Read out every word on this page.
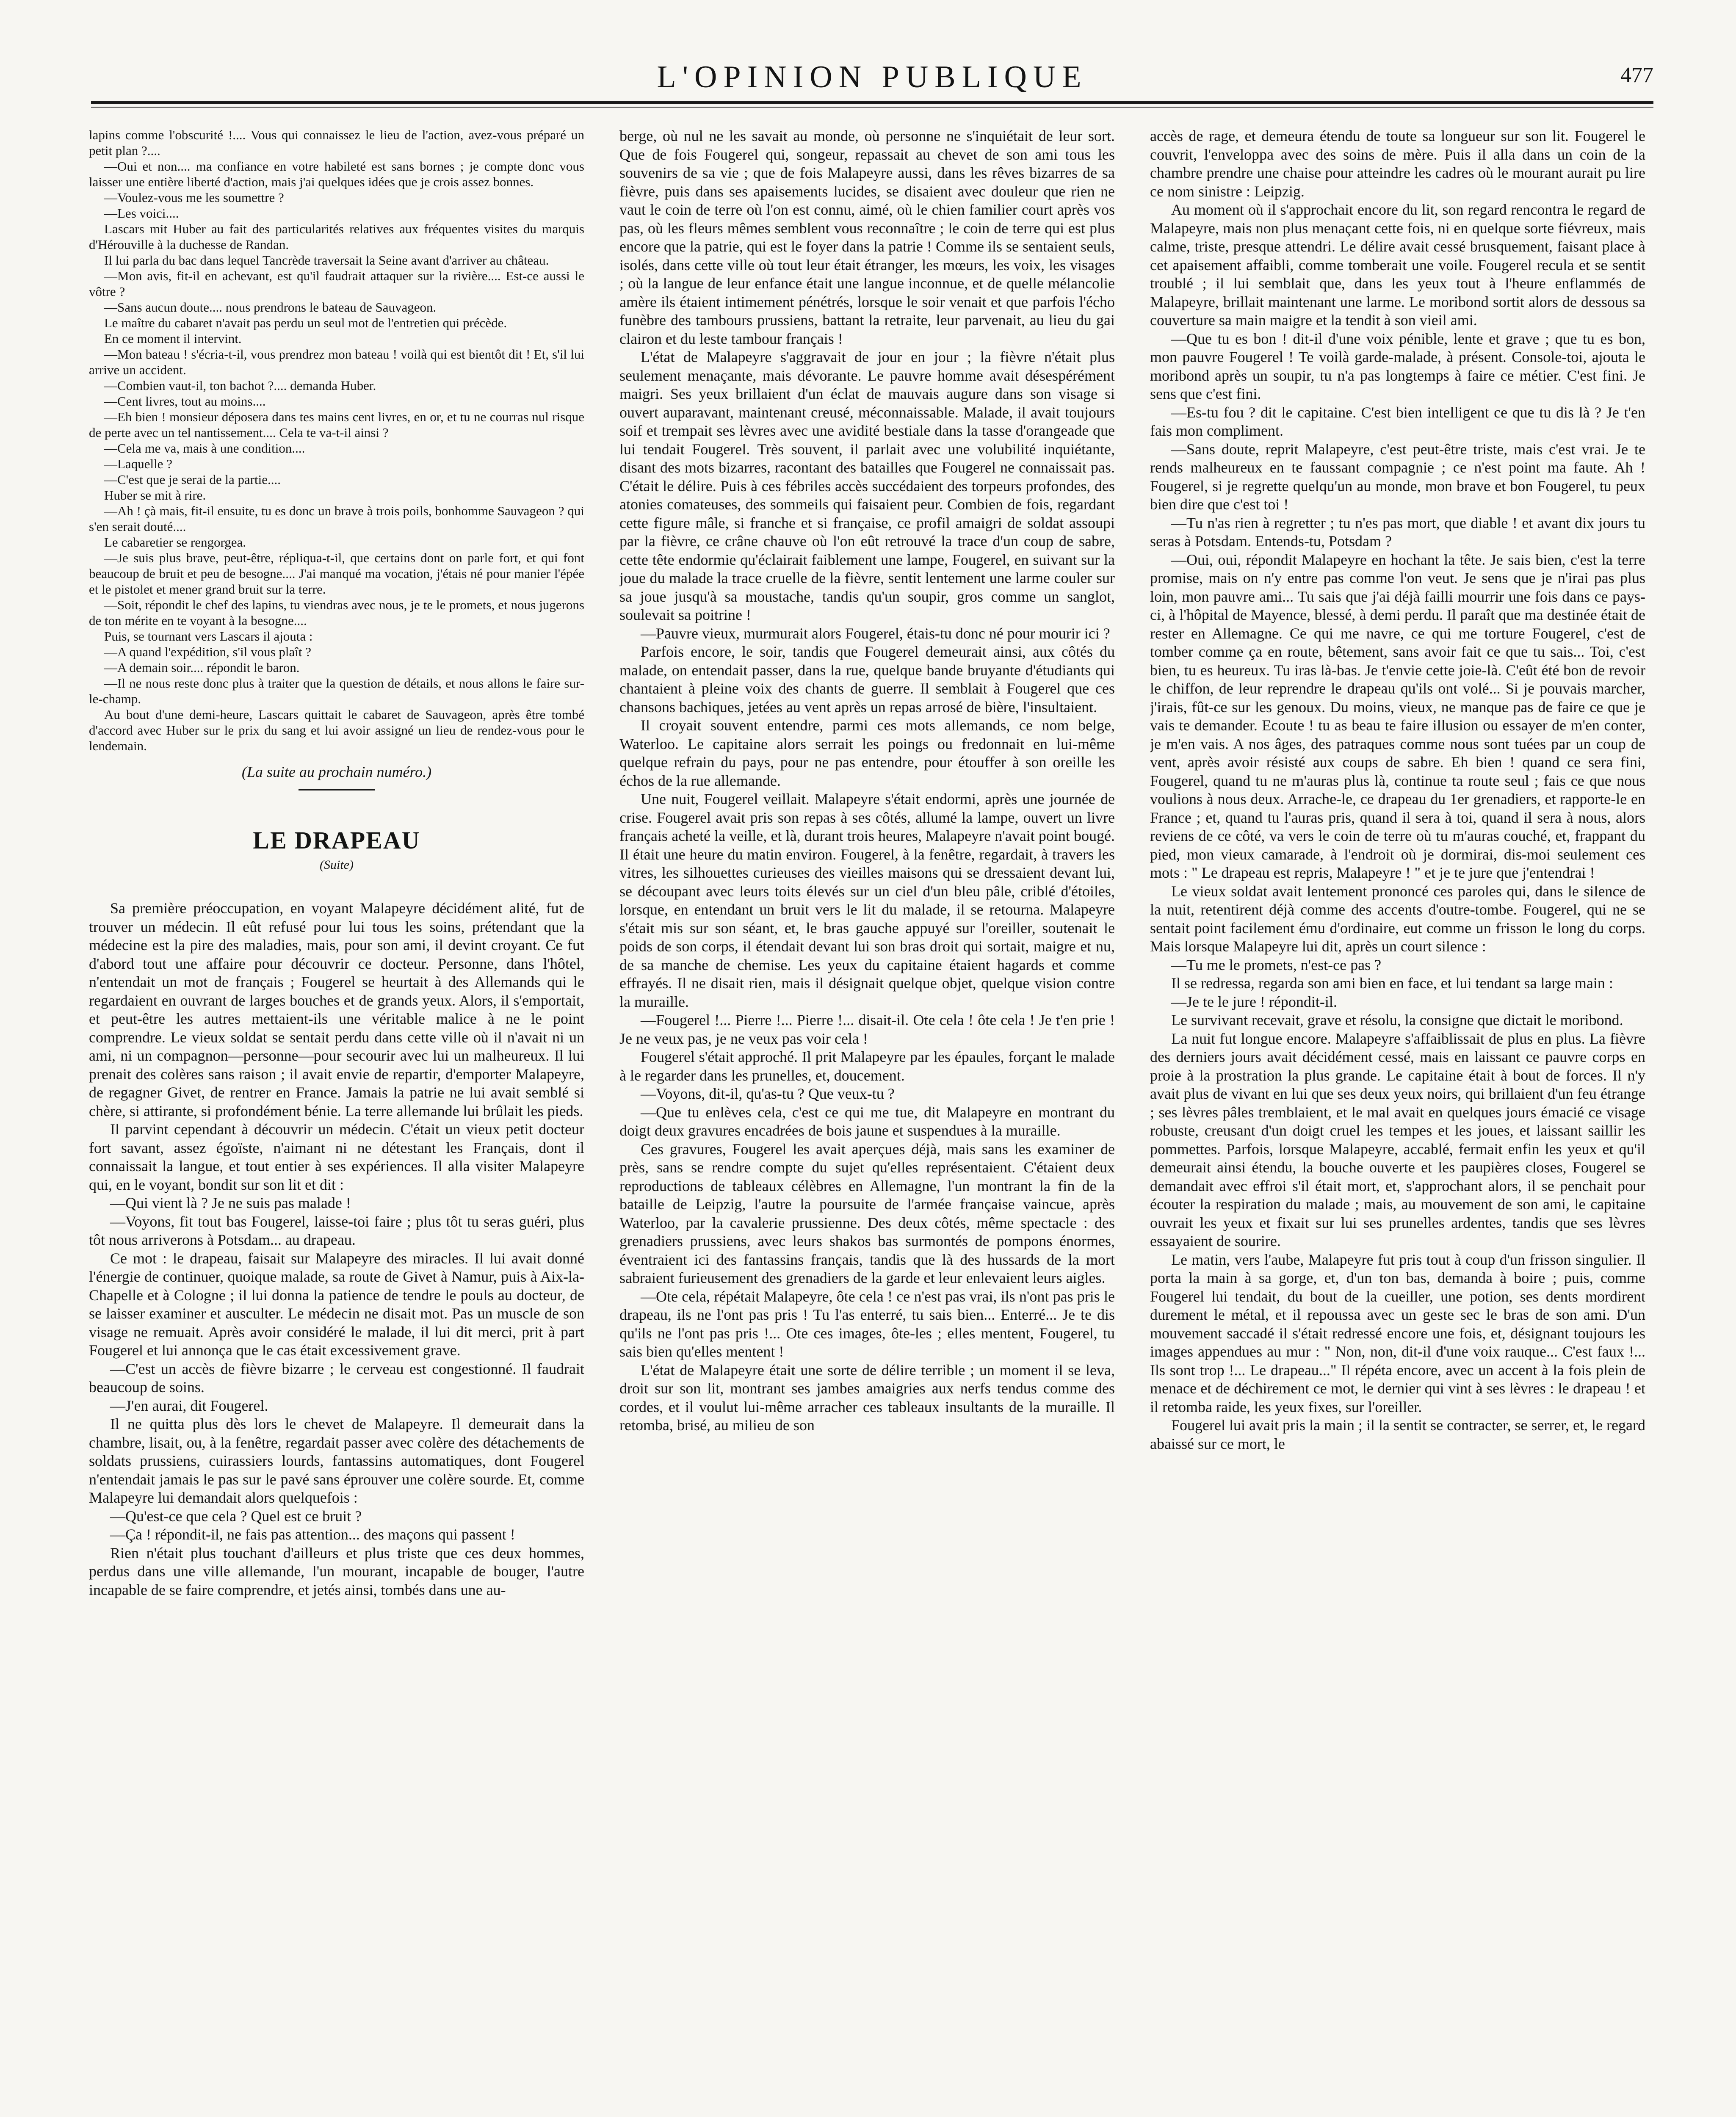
L'OPINION PUBLIQUE	477

lapins comme l'obscurité !.... Vous qui connaissez le lieu de l'action, avez-vous préparé un petit plan ?....

—Oui et non.... ma confiance en votre habileté est sans bornes ; je compte donc vous laisser une entière liberté d'action, mais j'ai quelques idées que je crois assez bonnes.

—Voulez-vous me les soumettre ?

—Les voici....

Lascars mit Huber au fait des particularités relatives aux fréquentes visites du marquis d'Hérouville à la duchesse de Randan.

Il lui parla du bac dans lequel Tancrède traversait la Seine avant d'arriver au château.

—Mon avis, fit-il en achevant, est qu'il faudrait attaquer sur la rivière.... Est-ce aussi le vôtre ?

—Sans aucun doute.... nous prendrons le bateau de Sauvageon.

Le maître du cabaret n'avait pas perdu un seul mot de l'entretien qui précède.

En ce moment il intervint.

—Mon bateau ! s'écria-t-il, vous prendrez mon bateau ! voilà qui est bientôt dit ! Et, s'il lui arrive un accident.

—Combien vaut-il, ton bachot ?.... demanda Huber.

—Cent livres, tout au moins....

—Eh bien ! monsieur déposera dans tes mains cent livres, en or, et tu ne courras nul risque de perte avec un tel nantissement.... Cela te va-t-il ainsi ?

—Cela me va, mais à une condition....

—Laquelle ?

—C'est que je serai de la partie....

Huber se mit à rire.

—Ah ! çà mais, fit-il ensuite, tu es donc un brave à trois poils, bonhomme Sauvageon ? qui s'en serait douté....

Le cabaretier se rengorgea.

—Je suis plus brave, peut-être, répliqua-t-il, que certains dont on parle fort, et qui font beaucoup de bruit et peu de besogne.... J'ai manqué ma vocation, j'étais né pour manier l'épée et le pistolet et mener grand bruit sur la terre.

—Soit, répondit le chef des lapins, tu viendras avec nous, je te le promets, et nous jugerons de ton mérite en te voyant à la besogne....

Puis, se tournant vers Lascars il ajouta :

—A quand l'expédition, s'il vous plaît ?

—A demain soir.... répondit le baron.

—Il ne nous reste donc plus à traiter que la question de détails, et nous allons le faire sur-le-champ.

Au bout d'une demi-heure, Lascars quittait le cabaret de Sauvageon, après être tombé d'accord avec Huber sur le prix du sang et lui avoir assigné un lieu de rendez-vous pour le lendemain.

(La suite au prochain numéro.)

LE DRAPEAU
(Suite)

Sa première préoccupation, en voyant Malapeyre décidément alité, fut de trouver un médecin. Il eût refusé pour lui tous les soins, prétendant que la médecine est la pire des maladies, mais, pour son ami, il devint croyant. Ce fut d'abord tout une affaire pour découvrir ce docteur. Personne, dans l'hôtel, n'entendait un mot de français ; Fougerel se heurtait à des Allemands qui le regardaient en ouvrant de larges bouches et de grands yeux. Alors, il s'emportait, et peut-être les autres mettaient-ils une véritable malice à ne le point comprendre. Le vieux soldat se sentait perdu dans cette ville où il n'avait ni un ami, ni un compagnon—personne—pour secourir avec lui un malheureux. Il lui prenait des colères sans raison ; il avait envie de repartir, d'emporter Malapeyre, de regagner Givet, de rentrer en France. Jamais la patrie ne lui avait semblé si chère, si attirante, si profondément bénie. La terre allemande lui brûlait les pieds.

Il parvint cependant à découvrir un médecin. C'était un vieux petit docteur fort savant, assez égoïste, n'aimant ni ne détestant les Français, dont il connaissait la langue, et tout entier à ses expériences. Il alla visiter Malapeyre qui, en le voyant, bondit sur son lit et dit :

—Qui vient là ? Je ne suis pas malade !

—Voyons, fit tout bas Fougerel, laisse-toi faire ; plus tôt tu seras guéri, plus tôt nous arriverons à Potsdam... au drapeau.

Ce mot : le drapeau, faisait sur Malapeyre des miracles. Il lui avait donné l'énergie de continuer, quoique malade, sa route de Givet à Namur, puis à Aix-la-Chapelle et à Cologne ; il lui donna la patience de tendre le pouls au docteur, de se laisser examiner et ausculter. Le médecin ne disait mot. Pas un muscle de son visage ne remuait. Après avoir considéré le malade, il lui dit merci, prit à part Fougerel et lui annonça que le cas était excessivement grave.

—C'est un accès de fièvre bizarre ; le cerveau est congestionné. Il faudrait beaucoup de soins.

—J'en aurai, dit Fougerel.

Il ne quitta plus dès lors le chevet de Malapeyre. Il demeurait dans la chambre, lisait, ou, à la fenêtre, regardait passer avec colère des détachements de soldats prussiens, cuirassiers lourds, fantassins automatiques, dont Fougerel n'entendait jamais le pas sur le pavé sans éprouver une colère sourde. Et, comme Malapeyre lui demandait alors quelquefois :

—Qu'est-ce que cela ? Quel est ce bruit ?

—Ça ! répondit-il, ne fais pas attention... des maçons qui passent !

Rien n'était plus touchant d'ailleurs et plus triste que ces deux hommes, perdus dans une ville allemande, l'un mourant, incapable de bouger, l'autre incapable de se faire comprendre, et jetés ainsi, tombés dans une au-

berge, où nul ne les savait au monde, où personne ne s'inquiétait de leur sort. Que de fois Fougerel qui, songeur, repassait au chevet de son ami tous les souvenirs de sa vie ; que de fois Malapeyre aussi, dans les rêves bizarres de sa fièvre, puis dans ses apaisements lucides, se disaient avec douleur que rien ne vaut le coin de terre où l'on est connu, aimé, où le chien familier court après vos pas, où les fleurs mêmes semblent vous reconnaître ; le coin de terre qui est plus encore que la patrie, qui est le foyer dans la patrie ! Comme ils se sentaient seuls, isolés, dans cette ville où tout leur était étranger, les mœurs, les voix, les visages ; où la langue de leur enfance était une langue inconnue, et de quelle mélancolie amère ils étaient intimement pénétrés, lorsque le soir venait et que parfois l'écho funèbre des tambours prussiens, battant la retraite, leur parvenait, au lieu du gai clairon et du leste tambour français !

L'état de Malapeyre s'aggravait de jour en jour ; la fièvre n'était plus seulement menaçante, mais dévorante. Le pauvre homme avait désespérément maigri. Ses yeux brillaient d'un éclat de mauvais augure dans son visage si ouvert auparavant, maintenant creusé, méconnaissable. Malade, il avait toujours soif et trempait ses lèvres avec une avidité bestiale dans la tasse d'orangeade que lui tendait Fougerel. Très souvent, il parlait avec une volubilité inquiétante, disant des mots bizarres, racontant des batailles que Fougerel ne connaissait pas. C'était le délire. Puis à ces fébriles accès succédaient des torpeurs profondes, des atonies comateuses, des sommeils qui faisaient peur. Combien de fois, regardant cette figure mâle, si franche et si française, ce profil amaigri de soldat assoupi par la fièvre, ce crâne chauve où l'on eût retrouvé la trace d'un coup de sabre, cette tête endormie qu'éclairait faiblement une lampe, Fougerel, en suivant sur la joue du malade la trace cruelle de la fièvre, sentit lentement une larme couler sur sa joue jusqu'à sa moustache, tandis qu'un soupir, gros comme un sanglot, soulevait sa poitrine !

—Pauvre vieux, murmurait alors Fougerel, étais-tu donc né pour mourir ici ?

Parfois encore, le soir, tandis que Fougerel demeurait ainsi, aux côtés du malade, on entendait passer, dans la rue, quelque bande bruyante d'étudiants qui chantaient à pleine voix des chants de guerre. Il semblait à Fougerel que ces chansons bachiques, jetées au vent après un repas arrosé de bière, l'insultaient.

Il croyait souvent entendre, parmi ces mots allemands, ce nom belge, Waterloo. Le capitaine alors serrait les poings ou fredonnait en lui-même quelque refrain du pays, pour ne pas entendre, pour étouffer à son oreille les échos de la rue allemande.

Une nuit, Fougerel veillait. Malapeyre s'était endormi, après une journée de crise. Fougerel avait pris son repas à ses côtés, allumé la lampe, ouvert un livre français acheté la veille, et là, durant trois heures, Malapeyre n'avait point bougé. Il était une heure du matin environ. Fougerel, à la fenêtre, regardait, à travers les vitres, les silhouettes curieuses des vieilles maisons qui se dressaient devant lui, se découpant avec leurs toits élevés sur un ciel d'un bleu pâle, criblé d'étoiles, lorsque, en entendant un bruit vers le lit du malade, il se retourna. Malapeyre s'était mis sur son séant, et, le bras gauche appuyé sur l'oreiller, soutenait le poids de son corps, il étendait devant lui son bras droit qui sortait, maigre et nu, de sa manche de chemise. Les yeux du capitaine étaient hagards et comme effrayés. Il ne disait rien, mais il désignait quelque objet, quelque vision contre la muraille.

—Fougerel !... Pierre !... Pierre !... disait-il. Ote cela ! ôte cela ! Je t'en prie ! Je ne veux pas, je ne veux pas voir cela !

Fougerel s'était approché. Il prit Malapeyre par les épaules, forçant le malade à le regarder dans les prunelles, et, doucement.

—Voyons, dit-il, qu'as-tu ? Que veux-tu ?

—Que tu enlèves cela, c'est ce qui me tue, dit Malapeyre en montrant du doigt deux gravures encadrées de bois jaune et suspendues à la muraille.

Ces gravures, Fougerel les avait aperçues déjà, mais sans les examiner de près, sans se rendre compte du sujet qu'elles représentaient. C'étaient deux reproductions de tableaux célèbres en Allemagne, l'un montrant la fin de la bataille de Leipzig, l'autre la poursuite de l'armée française vaincue, après Waterloo, par la cavalerie prussienne. Des deux côtés, même spectacle : des grenadiers prussiens, avec leurs shakos bas surmontés de pompons énormes, éventraient ici des fantassins français, tandis que là des hussards de la mort sabraient furieusement des grenadiers de la garde et leur enlevaient leurs aigles.

—Ote cela, répétait Malapeyre, ôte cela ! ce n'est pas vrai, ils n'ont pas pris le drapeau, ils ne l'ont pas pris ! Tu l'as enterré, tu sais bien... Enterré... Je te dis qu'ils ne l'ont pas pris !... Ote ces images, ôte-les ; elles mentent, Fougerel, tu sais bien qu'elles mentent !

L'état de Malapeyre était une sorte de délire terrible ; un moment il se leva, droit sur son lit, montrant ses jambes amaigries aux nerfs tendus comme des cordes, et il voulut lui-même arracher ces tableaux insultants de la muraille. Il retomba, brisé, au milieu de son

accès de rage, et demeura étendu de toute sa longueur sur son lit. Fougerel le couvrit, l'enveloppa avec des soins de mère. Puis il alla dans un coin de la chambre prendre une chaise pour atteindre les cadres où le mourant aurait pu lire ce nom sinistre : Leipzig.

Au moment où il s'approchait encore du lit, son regard rencontra le regard de Malapeyre, mais non plus menaçant cette fois, ni en quelque sorte fiévreux, mais calme, triste, presque attendri. Le délire avait cessé brusquement, faisant place à cet apaisement affaibli, comme tomberait une voile. Fougerel recula et se sentit troublé ; il lui semblait que, dans les yeux tout à l'heure enflammés de Malapeyre, brillait maintenant une larme. Le moribond sortit alors de dessous sa couverture sa main maigre et la tendit à son vieil ami.

—Que tu es bon ! dit-il d'une voix pénible, lente et grave ; que tu es bon, mon pauvre Fougerel ! Te voilà garde-malade, à présent. Console-toi, ajouta le moribond après un soupir, tu n'a pas longtemps à faire ce métier. C'est fini. Je sens que c'est fini.

—Es-tu fou ? dit le capitaine. C'est bien intelligent ce que tu dis là ? Je t'en fais mon compliment.

—Sans doute, reprit Malapeyre, c'est peut-être triste, mais c'est vrai. Je te rends malheureux en te faussant compagnie ; ce n'est point ma faute. Ah ! Fougerel, si je regrette quelqu'un au monde, mon brave et bon Fougerel, tu peux bien dire que c'est toi !

—Tu n'as rien à regretter ; tu n'es pas mort, que diable ! et avant dix jours tu seras à Potsdam. Entends-tu, Potsdam ?

—Oui, oui, répondit Malapeyre en hochant la tête. Je sais bien, c'est la terre promise, mais on n'y entre pas comme l'on veut. Je sens que je n'irai pas plus loin, mon pauvre ami... Tu sais que j'ai déjà failli mourrir une fois dans ce pays-ci, à l'hôpital de Mayence, blessé, à demi perdu. Il paraît que ma destinée était de rester en Allemagne. Ce qui me navre, ce qui me torture Fougerel, c'est de tomber comme ça en route, bêtement, sans avoir fait ce que tu sais... Toi, c'est bien, tu es heureux. Tu iras là-bas. Je t'envie cette joie-là. C'eût été bon de revoir le chiffon, de leur reprendre le drapeau qu'ils ont volé... Si je pouvais marcher, j'irais, fût-ce sur les genoux. Du moins, vieux, ne manque pas de faire ce que je vais te demander. Ecoute ! tu as beau te faire illusion ou essayer de m'en conter, je m'en vais. A nos âges, des patraques comme nous sont tuées par un coup de vent, après avoir résisté aux coups de sabre. Eh bien ! quand ce sera fini, Fougerel, quand tu ne m'auras plus là, continue ta route seul ; fais ce que nous voulions à nous deux. Arrache-le, ce drapeau du 1er grenadiers, et rapporte-le en France ; et, quand tu l'auras pris, quand il sera à toi, quand il sera à nous, alors reviens de ce côté, va vers le coin de terre où tu m'auras couché, et, frappant du pied, mon vieux camarade, à l'endroit où je dormirai, dis-moi seulement ces mots : " Le drapeau est repris, Malapeyre ! " et je te jure que j'entendrai !

Le vieux soldat avait lentement prononcé ces paroles qui, dans le silence de la nuit, retentirent déjà comme des accents d'outre-tombe. Fougerel, qui ne se sentait point facilement ému d'ordinaire, eut comme un frisson le long du corps. Mais lorsque Malapeyre lui dit, après un court silence :

—Tu me le promets, n'est-ce pas ?

Il se redressa, regarda son ami bien en face, et lui tendant sa large main :

—Je te le jure ! répondit-il.

Le survivant recevait, grave et résolu, la consigne que dictait le moribond.

La nuit fut longue encore. Malapeyre s'affaiblissait de plus en plus. La fièvre des derniers jours avait décidément cessé, mais en laissant ce pauvre corps en proie à la prostration la plus grande. Le capitaine était à bout de forces. Il n'y avait plus de vivant en lui que ses deux yeux noirs, qui brillaient d'un feu étrange ; ses lèvres pâles tremblaient, et le mal avait en quelques jours émacié ce visage robuste, creusant d'un doigt cruel les tempes et les joues, et laissant saillir les pommettes. Parfois, lorsque Malapeyre, accablé, fermait enfin les yeux et qu'il demeurait ainsi étendu, la bouche ouverte et les paupières closes, Fougerel se demandait avec effroi s'il était mort, et, s'approchant alors, il se penchait pour écouter la respiration du malade ; mais, au mouvement de son ami, le capitaine ouvrait les yeux et fixait sur lui ses prunelles ardentes, tandis que ses lèvres essayaient de sourire.

Le matin, vers l'aube, Malapeyre fut pris tout à coup d'un frisson singulier. Il porta la main à sa gorge, et, d'un ton bas, demanda à boire ; puis, comme Fougerel lui tendait, du bout de la cueiller, une potion, ses dents mordirent durement le métal, et il repoussa avec un geste sec le bras de son ami. D'un mouvement saccadé il s'était redressé encore une fois, et, désignant toujours les images appendues au mur : " Non, non, dit-il d'une voix rauque... C'est faux !... Ils sont trop !... Le drapeau..." Il répéta encore, avec un accent à la fois plein de menace et de déchirement ce mot, le dernier qui vint à ses lèvres : le drapeau ! et il retomba raide, les yeux fixes, sur l'oreiller.

Fougerel lui avait pris la main ; il la sentit se contracter, se serrer, et, le regard abaissé sur ce mort, le
